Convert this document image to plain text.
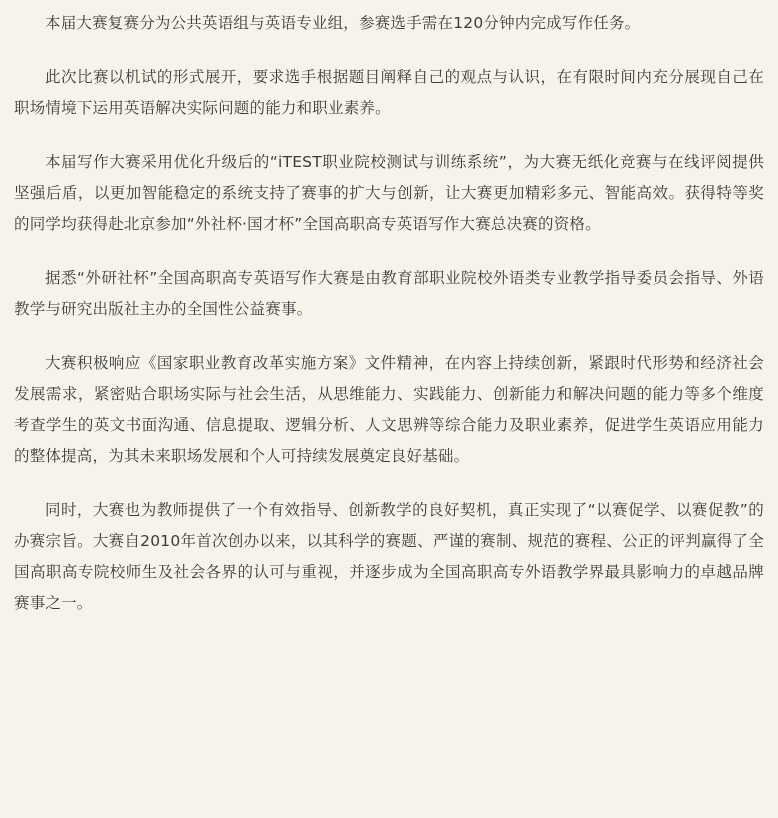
本届大赛复赛分为公共英语组与英语专业组，参赛选手需在120分钟内完成写作任务。

此次比赛以机试的形式展开，要求选手根据题目阐释自己的观点与认识，在有限时间内充分展现自己在职场情境下运用英语解决实际问题的能力和职业素养。

本届写作大赛采用优化升级后的“iTEST职业院校测试与训练系统”，为大赛无纸化竞赛与在线评阅提供坚强后盾，以更加智能稳定的系统支持了赛事的扩大与创新，让大赛更加精彩多元、智能高效。获得特等奖的同学均获得赴北京参加“外社杯·国才杯”全国高职高专英语写作大赛总决赛的资格。

据悉“外研社杯”全国高职高专英语写作大赛是由教育部职业院校外语类专业教学指导委员会指导、外语教学与研究出版社主办的全国性公益赛事。

大赛积极响应《国家职业教育改革实施方案》文件精神，在内容上持续创新，紧跟时代形势和经济社会发展需求，紧密贴合职场实际与社会生活，从思维能力、实践能力、创新能力和解决问题的能力等多个维度考查学生的英文书面沟通、信息提取、逻辑分析、人文思辨等综合能力及职业素养，促进学生英语应用能力的整体提高，为其未来职场发展和个人可持续发展奠定良好基础。

同时，大赛也为教师提供了一个有效指导、创新教学的良好契机，真正实现了“以赛促学、以赛促教”的办赛宗旨。大赛自2010年首次创办以来，以其科学的赛题、严谨的赛制、规范的赛程、公正的评判赢得了全国高职高专院校师生及社会各界的认可与重视，并逐步成为全国高职高专外语教学界最具影响力的卓越品牌赛事之一。
